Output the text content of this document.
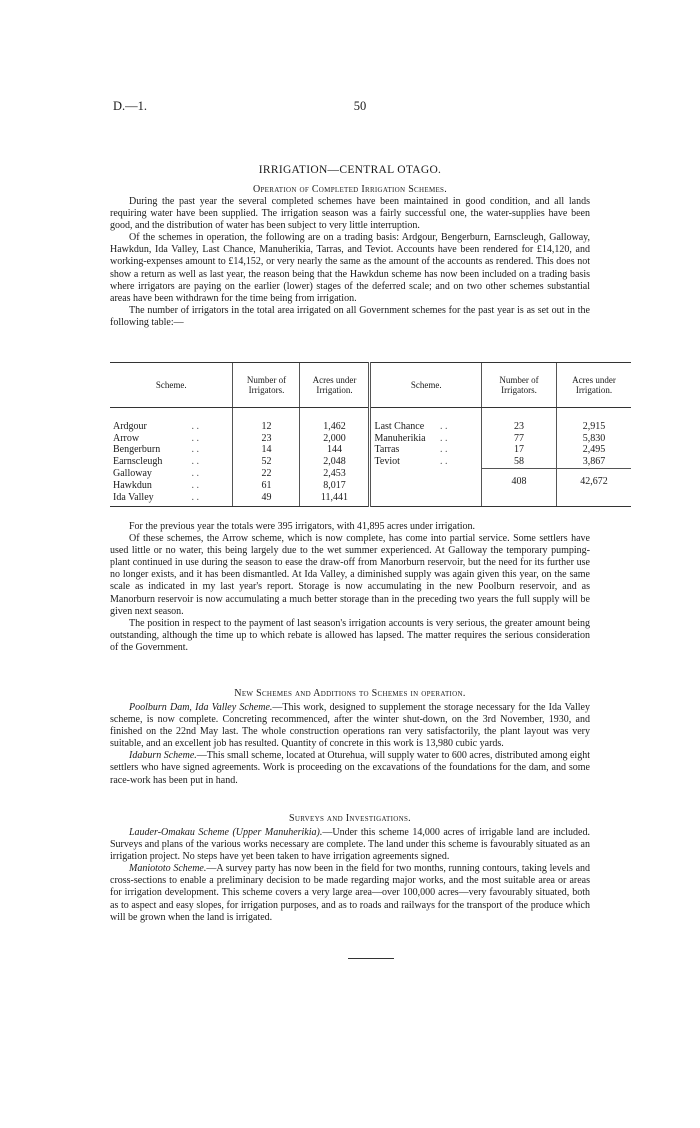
D.—1.	50
IRRIGATION—CENTRAL OTAGO.
Operation of Completed Irrigation Schemes.

During the past year the several completed schemes have been maintained in good condition, and all lands requiring water have been supplied. The irrigation season was a fairly successful one, the water-supplies have been good, and the distribution of water has been subject to very little interruption.

Of the schemes in operation, the following are on a trading basis: Ardgour, Bengerburn, Earnscleugh, Galloway, Hawkdun, Ida Valley, Last Chance, Manuherikia, Tarras, and Teviot. Accounts have been rendered for £14,120, and working-expenses amount to £14,152, or very nearly the same as the amount of the accounts as rendered. This does not show a return as well as last year, the reason being that the Hawkdun scheme has now been included on a trading basis where irrigators are paying on the earlier (lower) stages of the deferred scale; and on two other schemes substantial areas have been withdrawn for the time being from irrigation.

The number of irrigators in the total area irrigated on all Government schemes for the past year is as set out in the following table:—

Scheme.		Number of Irrigators.	Acres under Irrigation.	Scheme.		Number of Irrigators.	Acres under Irrigation.
Ardgour	. .	12	1,462	Last Chance	. .	23	2,915
Arrow	. .	23	2,000	Manuherikia	. .	77	5,830
Bengerburn	. .	14	144	Tarras	. .	17	2,495
Earnscleugh	. .	52	2,048	Teviot	. .	58	3,867
Galloway	. .	22	2,453			408	42,672
Hawkdun	. .	61	8,017				
Ida Valley	. .	49	11,441				

For the previous year the totals were 395 irrigators, with 41,895 acres under irrigation.

Of these schemes, the Arrow scheme, which is now complete, has come into partial service. Some settlers have used little or no water, this being largely due to the wet summer experienced. At Galloway the temporary pumping-plant continued in use during the season to ease the draw-off from Manorburn reservoir, but the need for its further use no longer exists, and it has been dismantled. At Ida Valley, a diminished supply was again given this year, on the same scale as indicated in my last year's report. Storage is now accumulating in the new Poolburn reservoir, and as Manorburn reservoir is now accumulating a much better storage than in the preceding two years the full supply will be given next season.

The position in respect to the payment of last season's irrigation accounts is very serious, the greater amount being outstanding, although the time up to which rebate is allowed has lapsed. The matter requires the serious consideration of the Government.

New Schemes and Additions to Schemes in operation.

Poolburn Dam, Ida Valley Scheme.—This work, designed to supplement the storage necessary for the Ida Valley scheme, is now complete. Concreting recommenced, after the winter shut-down, on the 3rd November, 1930, and finished on the 22nd May last. The whole construction operations ran very satisfactorily, the plant layout was very suitable, and an excellent job has resulted. Quantity of concrete in this work is 13,980 cubic yards.

Idaburn Scheme.—This small scheme, located at Oturehua, will supply water to 600 acres, distributed among eight settlers who have signed agreements. Work is proceeding on the excavations of the foundations for the dam, and some race-work has been put in hand.

Surveys and Investigations.

Lauder-Omakau Scheme (Upper Manuherikia).—Under this scheme 14,000 acres of irrigable land are included. Surveys and plans of the various works necessary are complete. The land under this scheme is favourably situated as an irrigation project. No steps have yet been taken to have irrigation agreements signed.

Maniototo Scheme.—A survey party has now been in the field for two months, running contours, taking levels and cross-sections to enable a preliminary decision to be made regarding major works, and the most suitable area or areas for irrigation development. This scheme covers a very large area—over 100,000 acres—very favourably situated, both as to aspect and easy slopes, for irrigation purposes, and as to roads and railways for the transport of the produce which will be grown when the land is irrigated.
